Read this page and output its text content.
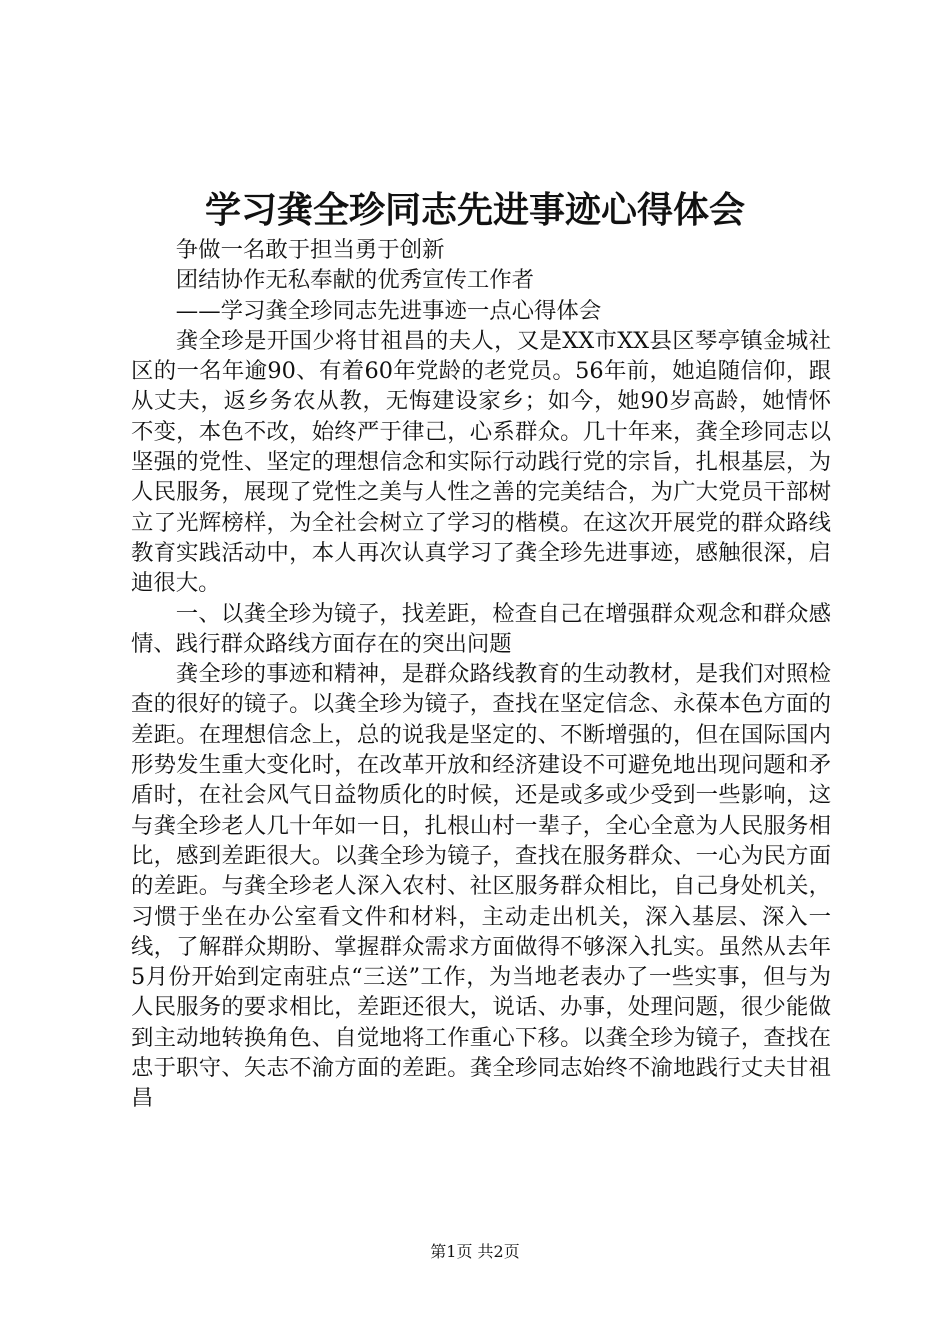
学习龚全珍同志先进事迹心得体会

争做一名敢于担当勇于创新

团结协作无私奉献的优秀宣传工作者

——学习龚全珍同志先进事迹一点心得体会

龚全珍是开国少将甘祖昌的夫人，又是XX市XX县区琴亭镇金城社区的一名年逾90、有着60年党龄的老党员。56年前，她追随信仰，跟从丈夫，返乡务农从教，无悔建设家乡；如今，她90岁高龄，她情怀不变，本色不改，始终严于律己，心系群众。几十年来，龚全珍同志以坚强的党性、坚定的理想信念和实际行动践行党的宗旨，扎根基层，为人民服务，展现了党性之美与人性之善的完美结合，为广大党员干部树立了光辉榜样，为全社会树立了学习的楷模。在这次开展党的群众路线教育实践活动中，本人再次认真学习了龚全珍先进事迹，感触很深，启迪很大。

一、以龚全珍为镜子，找差距，检查自己在增强群众观念和群众感情、践行群众路线方面存在的突出问题

龚全珍的事迹和精神，是群众路线教育的生动教材，是我们对照检查的很好的镜子。以龚全珍为镜子，查找在坚定信念、永葆本色方面的差距。在理想信念上，总的说我是坚定的、不断增强的，但在国际国内形势发生重大变化时，在改革开放和经济建设不可避免地出现问题和矛盾时，在社会风气日益物质化的时候，还是或多或少受到一些影响，这与龚全珍老人几十年如一日，扎根山村一辈子，全心全意为人民服务相比，感到差距很大。以龚全珍为镜子，查找在服务群众、一心为民方面的差距。与龚全珍老人深入农村、社区服务群众相比，自己身处机关，习惯于坐在办公室看文件和材料，主动走出机关，深入基层、深入一线，了解群众期盼、掌握群众需求方面做得不够深入扎实。虽然从去年5月份开始到定南驻点“三送”工作，为当地老表办了一些实事，但与为人民服务的要求相比，差距还很大，说话、办事，处理问题，很少能做到主动地转换角色、自觉地将工作重心下移。以龚全珍为镜子，查找在忠于职守、矢志不渝方面的差距。龚全珍同志始终不渝地践行丈夫甘祖昌

第1页 共2页
